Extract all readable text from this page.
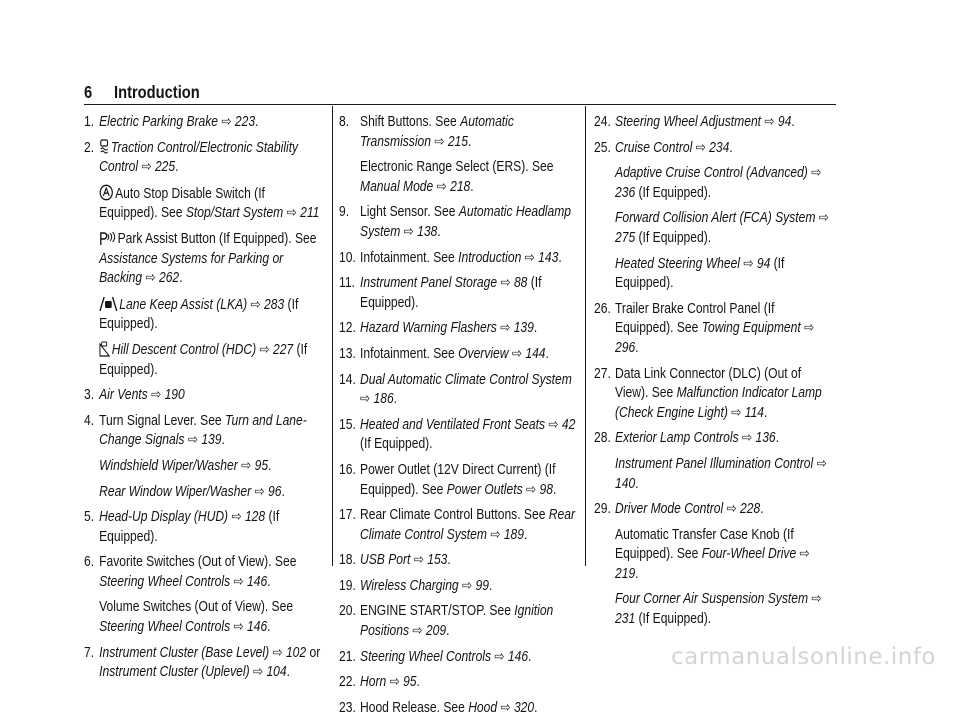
6 Introduction
1. Electric Parking Brake ⇨ 223.
2.	Traction Control/Electronic Stability Control ⇨ 225.
Auto Stop Disable Switch (If Equipped). See Stop/Start System ⇨ 211
Park Assist Button (If Equipped). See Assistance Systems for Parking or Backing ⇨ 262.
Lane Keep Assist (LKA) ⇨ 283 (If Equipped).
Hill Descent Control (HDC) ⇨ 227 (If Equipped).
3. Air Vents ⇨ 190
4. Turn Signal Lever. See Turn and Lane-Change Signals ⇨ 139.
Windshield Wiper/Washer ⇨ 95.
Rear Window Wiper/Washer ⇨ 96.
5. Head-Up Display (HUD) ⇨ 128 (If Equipped).
6. Favorite Switches (Out of View). See Steering Wheel Controls ⇨ 146.
Volume Switches (Out of View). See Steering Wheel Controls ⇨ 146.
7. Instrument Cluster (Base Level) ⇨ 102 or Instrument Cluster (Uplevel) ⇨ 104.
8. Shift Buttons. See Automatic Transmission ⇨ 215.
Electronic Range Select (ERS). See Manual Mode ⇨ 218.
9. Light Sensor. See Automatic Headlamp System ⇨ 138.
10. Infotainment. See Introduction ⇨ 143.
11. Instrument Panel Storage ⇨ 88 (If Equipped).
12. Hazard Warning Flashers ⇨ 139.
13. Infotainment. See Overview ⇨ 144.
14. Dual Automatic Climate Control System ⇨ 186.
15. Heated and Ventilated Front Seats ⇨ 42 (If Equipped).
16. Power Outlet (12V Direct Current) (If Equipped). See Power Outlets ⇨ 98.
17. Rear Climate Control Buttons. See Rear Climate Control System ⇨ 189.
18. USB Port ⇨ 153.
19. Wireless Charging ⇨ 99.
20. ENGINE START/STOP. See Ignition Positions ⇨ 209.
21. Steering Wheel Controls ⇨ 146.
22. Horn ⇨ 95.
23. Hood Release. See Hood ⇨ 320.
24. Steering Wheel Adjustment ⇨ 94.
25. Cruise Control ⇨ 234.
Adaptive Cruise Control (Advanced) ⇨ 236 (If Equipped).
Forward Collision Alert (FCA) System ⇨ 275 (If Equipped).
Heated Steering Wheel ⇨ 94 (If Equipped).
26. Trailer Brake Control Panel (If Equipped). See Towing Equipment ⇨ 296.
27. Data Link Connector (DLC) (Out of View). See Malfunction Indicator Lamp (Check Engine Light) ⇨ 114.
28. Exterior Lamp Controls ⇨ 136.
Instrument Panel Illumination Control ⇨ 140.
29. Driver Mode Control ⇨ 228.
Automatic Transfer Case Knob (If Equipped). See Four-Wheel Drive ⇨ 219.
Four Corner Air Suspension System ⇨ 231 (If Equipped).
carmanualsonline.info
